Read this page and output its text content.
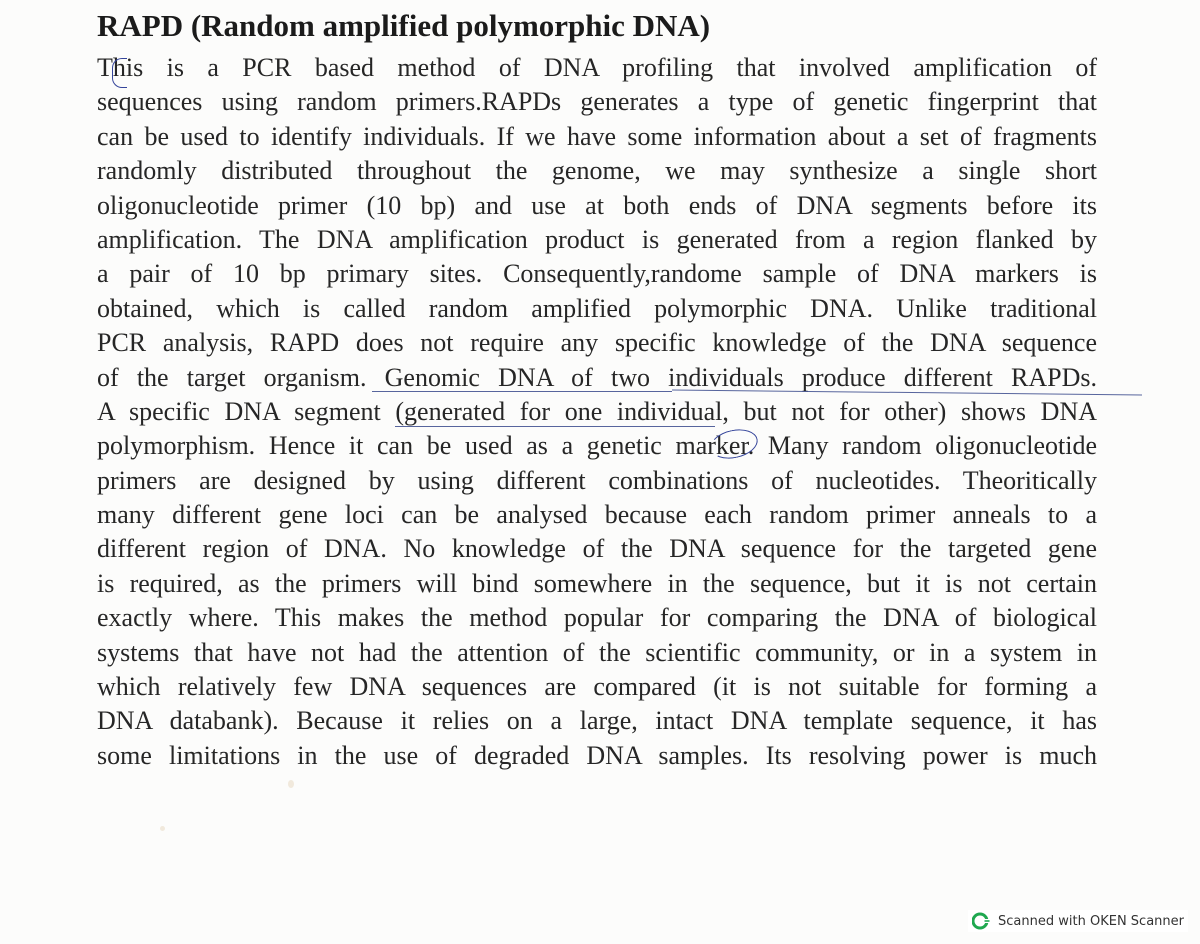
RAPD (Random amplified polymorphic DNA)
This is a PCR based method of DNA profiling that involved amplification of
sequences using random primers.RAPDs generates a type of genetic fingerprint that
can be used to identify individuals. If we have some information about a set of fragments
randomly distributed throughout the genome, we may synthesize a single short
oligonucleotide primer (10 bp) and use at both ends of DNA segments before its
amplification. The DNA amplification product is generated from a region flanked by
a pair of 10 bp primary sites. Consequently,randome sample of DNA markers is
obtained, which is called random amplified polymorphic DNA. Unlike traditional
PCR analysis, RAPD does not require any specific knowledge of the DNA sequence
of the target organism. Genomic DNA of two individuals produce different RAPDs.
A specific DNA segment (generated for one individual, but not for other) shows DNA
polymorphism. Hence it can be used as a genetic marker. Many random oligonucleotide
primers are designed by using different combinations of nucleotides. Theoritically
many different gene loci can be analysed because each random primer anneals to a
different region of DNA. No knowledge of the DNA sequence for the targeted gene
is required, as the primers will bind somewhere in the sequence, but it is not certain
exactly where. This makes the method popular for comparing the DNA of biological
systems that have not had the attention of the scientific community, or in a system in
which relatively few DNA sequences are compared (it is not suitable for forming a
DNA databank). Because it relies on a large, intact DNA template sequence, it has
some limitations in the use of degraded DNA samples. Its resolving power is much
Scanned with OKEN Scanner
